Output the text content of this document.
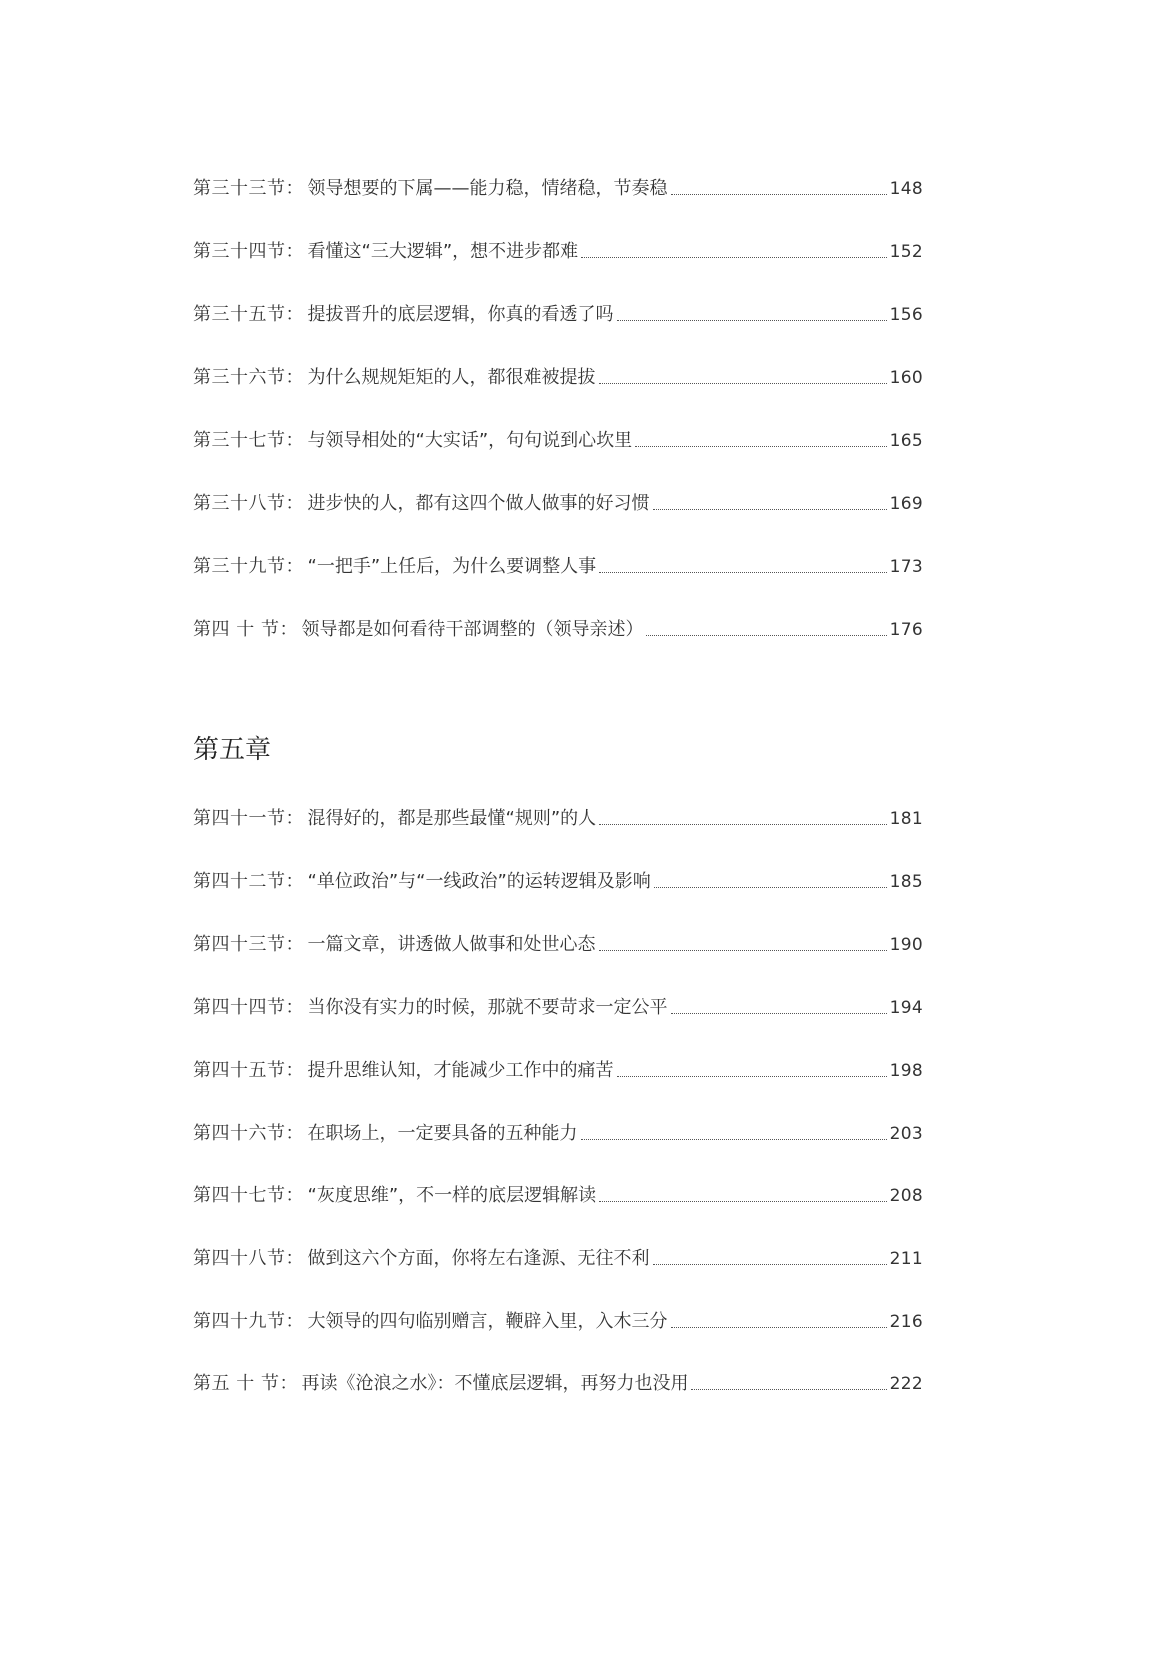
第三十三节 ： 领导想要的下属——能力稳，情绪稳，节奏稳	148
第三十四节 ： 看懂这“三大逻辑”，想不进步都难	152
第三十五节 ： 提拔晋升的底层逻辑，你真的看透了吗	156
第三十六节 ： 为什么规规矩矩的人，都很难被提拔	160
第三十七节 ： 与领导相处的“大实话”，句句说到心坎里	165
第三十八节 ： 进步快的人，都有这四个做人做事的好习惯	169
第三十九节 ： “一把手”上任后，为什么要调整人事	173
第四 十 节 ： 领导都是如何看待干部调整的（领导亲述）	176
第五章
第四十一节 ： 混得好的，都是那些最懂“规则”的人	181
第四十二节 ： “单位政治”与“一线政治”的运转逻辑及影响	185
第四十三节 ： 一篇文章，讲透做人做事和处世心态	190
第四十四节 ： 当你没有实力的时候，那就不要苛求一定公平	194
第四十五节 ： 提升思维认知，才能减少工作中的痛苦	198
第四十六节 ： 在职场上，一定要具备的五种能力	203
第四十七节 ： “灰度思维”，不一样的底层逻辑解读	208
第四十八节 ： 做到这六个方面，你将左右逢源、无往不利	211
第四十九节 ： 大领导的四句临别赠言，鞭辟入里，入木三分	216
第五 十 节 ： 再读《沧浪之水》：不懂底层逻辑，再努力也没用	222
